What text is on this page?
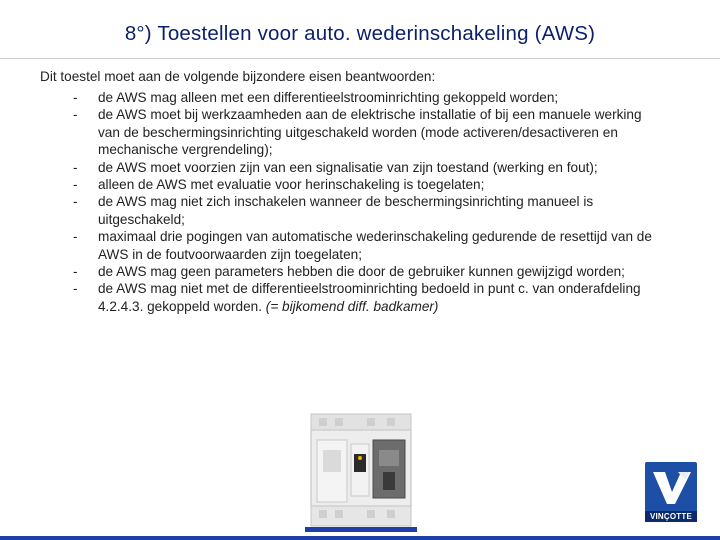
8°) Toestellen voor auto. wederinschakeling (AWS)
Dit toestel moet aan de volgende bijzondere eisen beantwoorden:
- de AWS mag alleen met een differentieelstroominrichting gekoppeld worden;
- de AWS moet bij werkzaamheden aan de elektrische installatie of bij een manuele werking van de beschermingsinrichting uitgeschakeld worden (mode activeren/desactiveren en mechanische vergrendeling);
- de AWS moet voorzien zijn van een signalisatie van zijn toestand (werking en fout);
- alleen de AWS met evaluatie voor herinschakeling is toegelaten;
- de AWS mag niet zich inschakelen wanneer de beschermingsinrichting manueel is uitgeschakeld;
- maximaal drie pogingen van automatische wederinschakeling gedurende de resettijd van de AWS in de foutvoorwaarden zijn toegelaten;
- de AWS mag geen parameters hebben die door de gebruiker kunnen gewijzigd worden;
- de AWS mag niet met de differentieelstroominrichting bedoeld in punt c. van onderafdeling 4.2.4.3. gekoppeld worden. (= bijkomend diff. badkamer)
VINÇOTTE
